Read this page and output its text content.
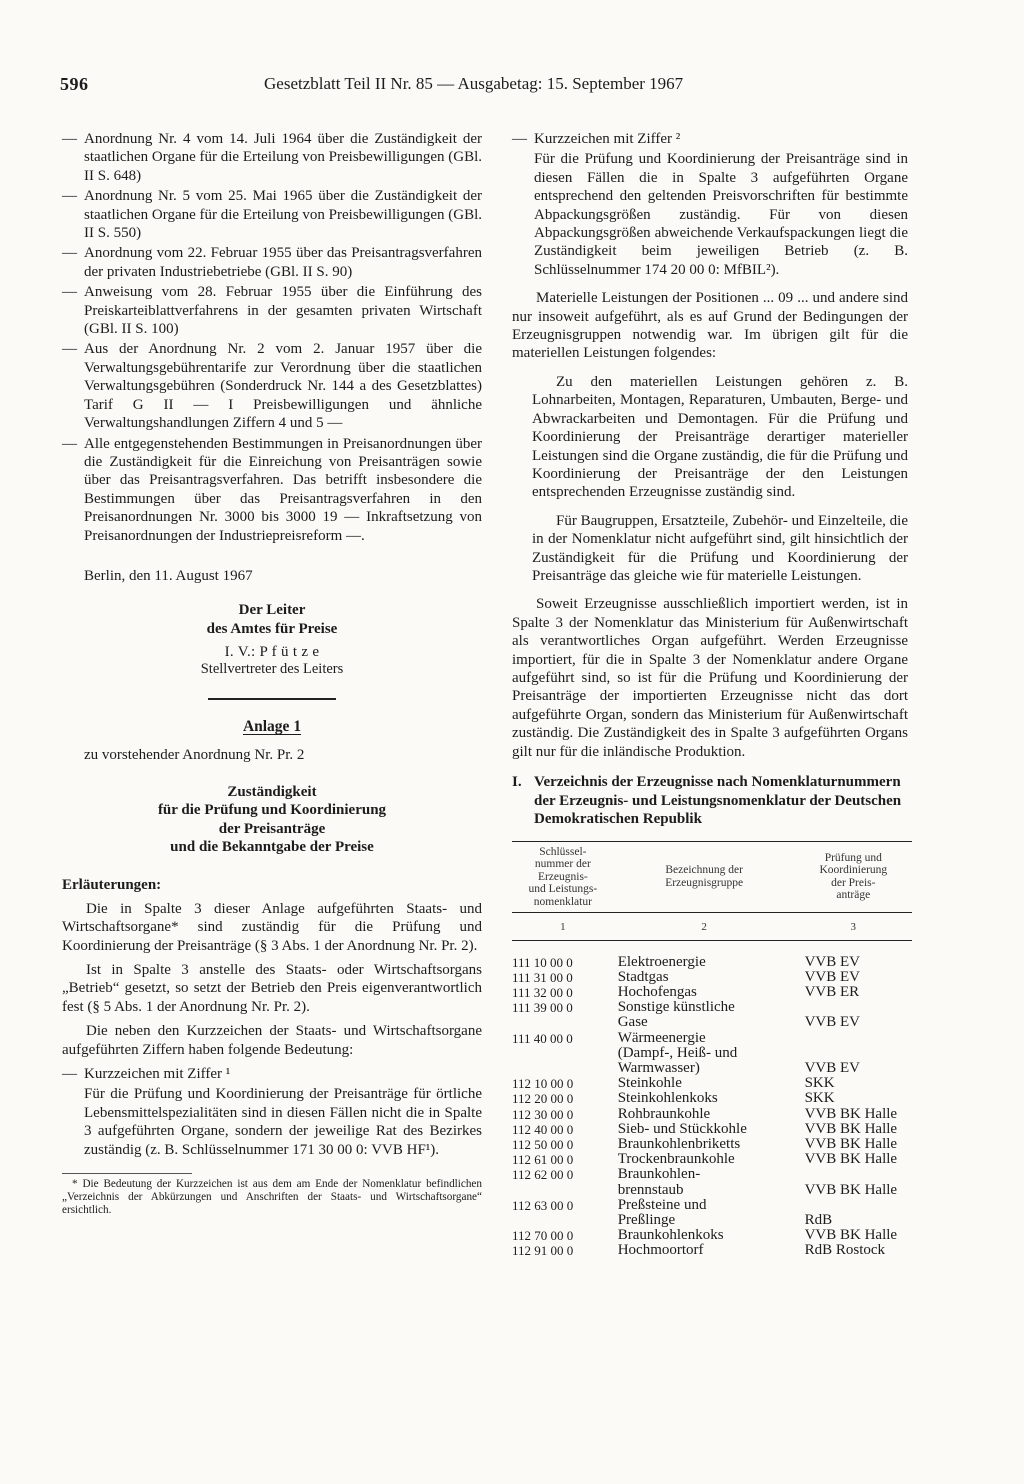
596	Gesetzblatt Teil II Nr. 85 — Ausgabetag: 15. September 1967
— Anordnung Nr. 4 vom 14. Juli 1964 über die Zuständigkeit der staatlichen Organe für die Erteilung von Preisbewilligungen (GBl. II S. 648)
— Anordnung Nr. 5 vom 25. Mai 1965 über die Zuständigkeit der staatlichen Organe für die Erteilung von Preisbewilligungen (GBl. II S. 550)
— Anordnung vom 22. Februar 1955 über das Preisantragsverfahren der privaten Industriebetriebe (GBl. II S. 90)
— Anweisung vom 28. Februar 1955 über die Einführung des Preiskarteiblattverfahrens in der gesamten privaten Wirtschaft (GBl. II S. 100)
— Aus der Anordnung Nr. 2 vom 2. Januar 1957 über die Verwaltungsgebührentarife zur Verordnung über die staatlichen Verwaltungsgebühren (Sonderdruck Nr. 144 a des Gesetzblattes) Tarif G II — I Preisbewilligungen und ähnliche Verwaltungshandlungen Ziffern 4 und 5 —
— Alle entgegenstehenden Bestimmungen in Preisanordnungen über die Zuständigkeit für die Einreichung von Preisanträgen sowie über das Preisantragsverfahren. Das betrifft insbesondere die Bestimmungen über das Preisantragsverfahren in den Preisanordnungen Nr. 3000 bis 3000 19 — Inkraftsetzung von Preisanordnungen der Industriepreisreform —.
Berlin, den 11. August 1967
Der Leiter
des Amtes für Preise
I. V.: P f ü t z e
Stellvertreter des Leiters
Anlage 1
zu vorstehender Anordnung Nr. Pr. 2
Zuständigkeit
für die Prüfung und Koordinierung
der Preisanträge
und die Bekanntgabe der Preise
Erläuterungen:
Die in Spalte 3 dieser Anlage aufgeführten Staats- und Wirtschaftsorgane* sind zuständig für die Prüfung und Koordinierung der Preisanträge (§ 3 Abs. 1 der Anordnung Nr. Pr. 2).
Ist in Spalte 3 anstelle des Staats- oder Wirtschaftsorgans „Betrieb“ gesetzt, so setzt der Betrieb den Preis eigenverantwortlich fest (§ 5 Abs. 1 der Anordnung Nr. Pr. 2).
Die neben den Kurzzeichen der Staats- und Wirtschaftsorgane aufgeführten Ziffern haben folgende Bedeutung:
— Kurzzeichen mit Ziffer ¹
Für die Prüfung und Koordinierung der Preisanträge für örtliche Lebensmittelspezialitäten sind in diesen Fällen nicht die in Spalte 3 aufgeführten Organe, sondern der jeweilige Rat des Bezirkes zuständig (z. B. Schlüsselnummer 171 30 00 0: VVB HF¹).
* Die Bedeutung der Kurzzeichen ist aus dem am Ende der Nomenklatur befindlichen „Verzeichnis der Abkürzungen und Anschriften der Staats- und Wirtschaftsorgane“ ersichtlich.
— Kurzzeichen mit Ziffer ²
Für die Prüfung und Koordinierung der Preisanträge sind in diesen Fällen die in Spalte 3 aufgeführten Organe entsprechend den geltenden Preisvorschriften für bestimmte Abpackungsgrößen zuständig. Für von diesen Abpackungsgrößen abweichende Verkaufspackungen liegt die Zuständigkeit beim jeweiligen Betrieb (z. B. Schlüsselnummer 174 20 00 0: MfBIL²).
Materielle Leistungen der Positionen ... 09 ... und andere sind nur insoweit aufgeführt, als es auf Grund der Bedingungen der Erzeugnisgruppen notwendig war. Im übrigen gilt für die materiellen Leistungen folgendes:
Zu den materiellen Leistungen gehören z. B. Lohnarbeiten, Montagen, Reparaturen, Umbauten, Berge- und Abwrackarbeiten und Demontagen. Für die Prüfung und Koordinierung der Preisanträge derartiger materieller Leistungen sind die Organe zuständig, die für die Prüfung und Koordinierung der Preisanträge der den Leistungen entsprechenden Erzeugnisse zuständig sind.
Für Baugruppen, Ersatzteile, Zubehör- und Einzelteile, die in der Nomenklatur nicht aufgeführt sind, gilt hinsichtlich der Zuständigkeit für die Prüfung und Koordinierung der Preisanträge das gleiche wie für materielle Leistungen.
Soweit Erzeugnisse ausschließlich importiert werden, ist in Spalte 3 der Nomenklatur das Ministerium für Außenwirtschaft als verantwortliches Organ aufgeführt. Werden Erzeugnisse importiert, für die in Spalte 3 der Nomenklatur andere Organe aufgeführt sind, so ist für die Prüfung und Koordinierung der Preisanträge der importierten Erzeugnisse nicht das dort aufgeführte Organ, sondern das Ministerium für Außenwirtschaft zuständig. Die Zuständigkeit des in Spalte 3 aufgeführten Organs gilt nur für die inländische Produktion.
I. Verzeichnis der Erzeugnisse nach Nomenklaturnummern der Erzeugnis- und Leistungsnomenklatur der Deutschen Demokratischen Republik
Schlüssel-
nummer der
Erzeugnis-
und Leistungs-
nomenklatur	Bezeichnung der
Erzeugnisgruppe	Prüfung und
Koordinierung
der Preis-
anträge
1	2	3
111 10 00 0	Elektroenergie	VVB EV
111 31 00 0	Stadtgas	VVB EV
111 32 00 0	Hochofengas	VVB ER
111 39 00 0	Sonstige künstliche
Gase	VVB EV
111 40 00 0	Wärmeenergie
(Dampf-, Heiß- und
Warmwasser)	VVB EV
112 10 00 0	Steinkohle	SKK
112 20 00 0	Steinkohlenkoks	SKK
112 30 00 0	Rohbraunkohle	VVB BK Halle
112 40 00 0	Sieb- und Stückkohle	VVB BK Halle
112 50 00 0	Braunkohlenbriketts	VVB BK Halle
112 61 00 0	Trockenbraunkohle	VVB BK Halle
112 62 00 0	Braunkohlen-
brennstaub	VVB BK Halle
112 63 00 0	Preßsteine und
Preßlinge	RdB
112 70 00 0	Braunkohlenkoks	VVB BK Halle
112 91 00 0	Hochmoortorf	RdB Rostock
